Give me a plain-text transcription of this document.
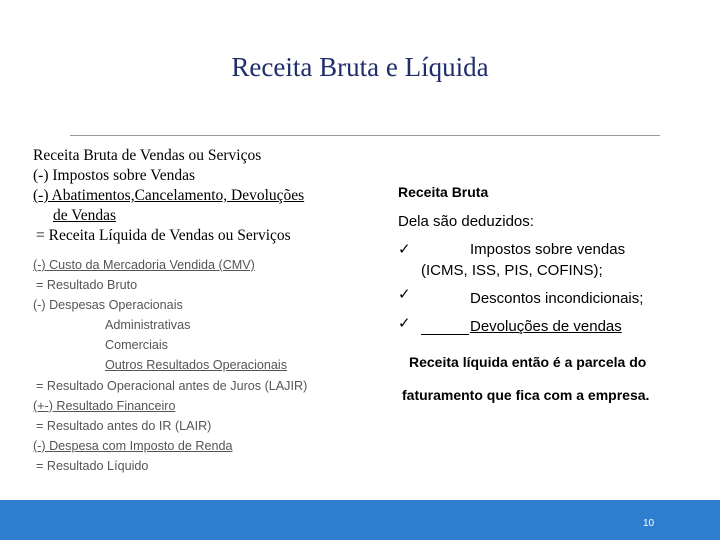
Receita Bruta e Líquida
Receita Bruta de Vendas ou Serviços
(-) Impostos sobre Vendas
(-) Abatimentos,Cancelamento, Devoluções
de Vendas
= Receita Líquida de Vendas ou Serviços
(-) Custo da Mercadoria Vendida (CMV)
= Resultado Bruto
(-) Despesas Operacionais
Administrativas
Comerciais
Outros Resultados Operacionais
= Resultado Operacional antes de Juros (LAJIR)
(+-) Resultado Financeiro
= Resultado antes do IR (LAIR)
(-) Despesa com Imposto de Renda
= Resultado Líquido
Receita Bruta
Dela são deduzidos:
✓	Impostos sobre vendas
(ICMS, ISS, PIS, COFINS);
✓	Descontos incondicionais;
✓	Devoluções de vendas
Receita líquida então é a parcela do
faturamento que fica com a empresa.
10
